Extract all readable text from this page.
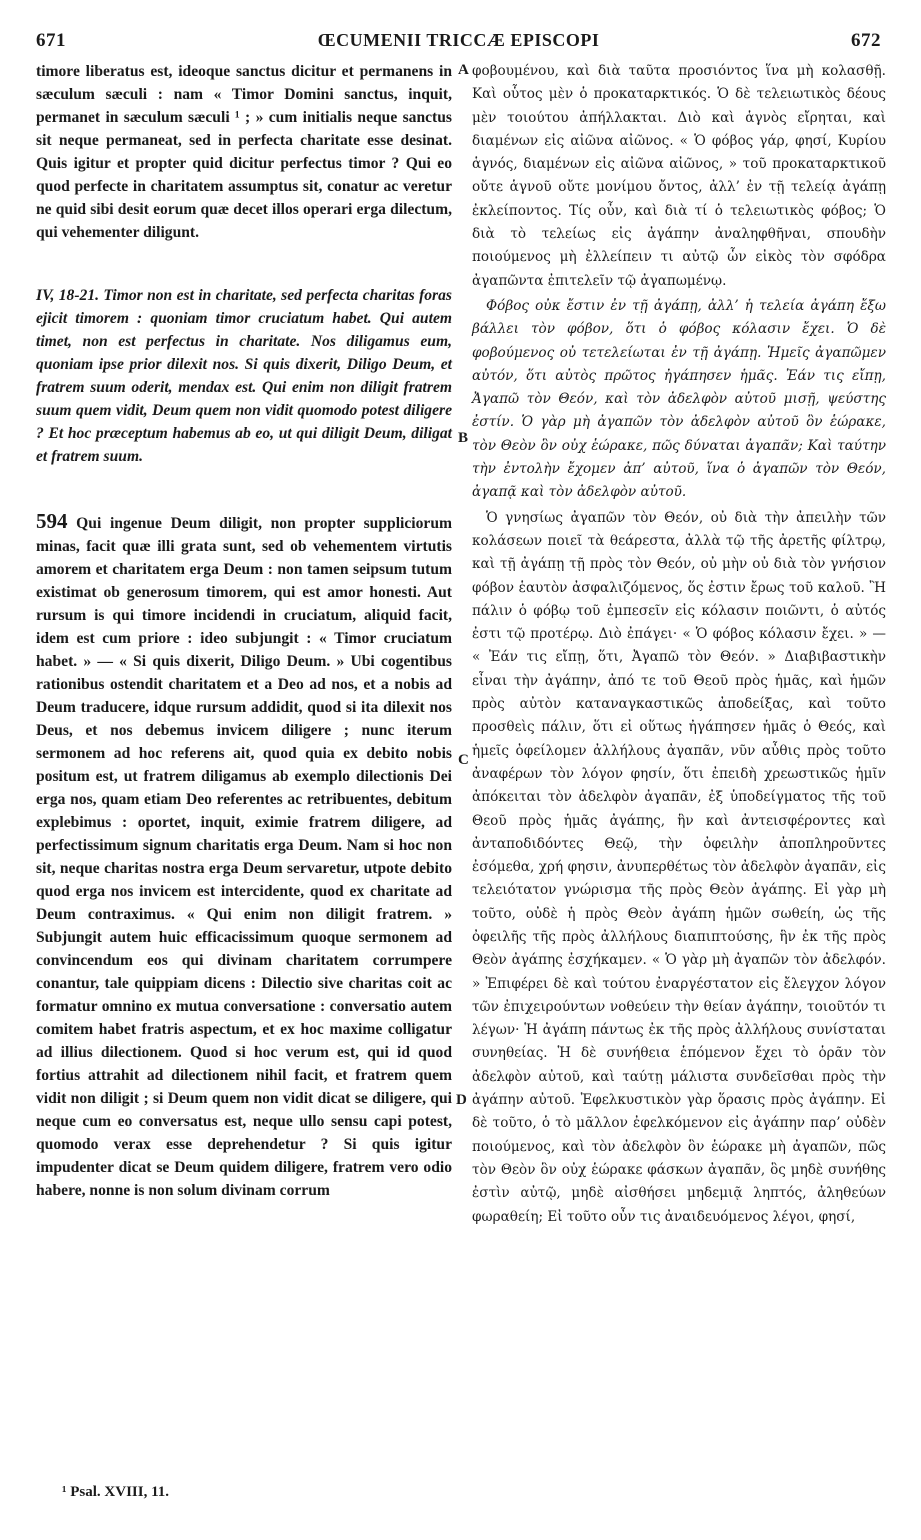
671	ŒCUMENII TRICCÆ EPISCOPI	672

timore liberatus est, ideoque sanctus dicitur et permanens in sæculum sæculi : nam « Timor Domini sanctus, inquit, permanet in sæculum sæculi ¹ ; » cum initialis neque sanctus sit neque permaneat, sed in perfecta charitate esse desinat. Quis igitur et propter quid dicitur perfectus timor ? Qui eo quod perfecte in charitatem assumptus sit, conatur ac veretur ne quid sibi desit eorum quæ decet illos operari erga dilectum, qui vehementer diligunt.

IV, 18-21. Timor non est in charitate, sed perfecta charitas foras ejicit timorem : quoniam timor cruciatum habet. Qui autem timet, non est perfectus in charitate. Nos diligamus eum, quoniam ipse prior dilexit nos. Si quis dixerit, Diligo Deum, et fratrem suum oderit, mendax est. Qui enim non diligit fratrem suum quem vidit, Deum quem non vidit quomodo potest diligere ? Et hoc præceptum habemus ab eo, ut qui diligit Deum, diligat et fratrem suum.

594 Qui ingenue Deum diligit, non propter suppliciorum minas, facit quæ illi grata sunt, sed ob vehementem virtutis amorem et charitatem erga Deum : non tamen seipsum tutum existimat ob generosum timorem, qui est amor honesti. Aut rursum is qui timore incidendi in cruciatum, aliquid facit, idem est cum priore : ideo subjungit : « Timor cruciatum habet. » — « Si quis dixerit, Diligo Deum. » Ubi cogentibus rationibus ostendit charitatem et a Deo ad nos, et a nobis ad Deum traducere, idque rursum addidit, quod si ita dilexit nos Deus, et nos debemus invicem diligere ; nunc iterum sermonem ad hoc referens ait, quod quia ex debito nobis positum est, ut fratrem diligamus ab exemplo dilectionis Dei erga nos, quam etiam Deo referentes ac retribuentes, debitum explebimus : oportet, inquit, eximie fratrem diligere, ad perfectissimum signum charitatis erga Deum. Nam si hoc non sit, neque charitas nostra erga Deum servaretur, utpote debito quod erga nos invicem est intercidente, quod ex charitate ad Deum contraximus. « Qui enim non diligit fratrem. » Subjungit autem huic efficacissimum quoque sermonem ad convincendum eos qui divinam charitatem corrumpere conantur, tale quippiam dicens : Dilectio sive charitas coit ac formatur omnino ex mutua conversatione : conversatio autem comitem habet fratris aspectum, et ex hoc maxime colligatur ad illius dilectionem. Quod si hoc verum est, qui id quod fortius attrahit ad dilectionem nihil facit, et fratrem quem vidit non diligit ; si Deum quem non vidit dicat se diligere, qui neque cum eo conversatus est, neque ullo sensu capi potest, quomodo verax esse deprehendetur ? Si quis igitur impudenter dicat se Deum quidem diligere, fratrem vero odio habere, nonne is non solum divinam corrum

A
B
C
D

φοβουμένου, καὶ διὰ ταῦτα προσιόντος ἵνα μὴ κολασθῇ. Καὶ οὗτος μὲν ὁ προκαταρκτικός. Ὁ δὲ τελειωτικὸς δέους μὲν τοιούτου ἀπήλλακται. Διὸ καὶ ἁγνὸς εἴρηται, καὶ διαμένων εἰς αἰῶνα αἰῶνος. « Ὁ φόβος γάρ, φησί, Κυρίου ἁγνός, διαμένων εἰς αἰῶνα αἰῶνος, » τοῦ προκαταρκτικοῦ οὔτε ἁγνοῦ οὔτε μονίμου ὄντος, ἀλλ’ ἐν τῇ τελείᾳ ἀγάπῃ ἐκλείποντος. Τίς οὖν, καὶ διὰ τί ὁ τελειωτικὸς φόβος; Ὁ διὰ τὸ τελείως εἰς ἀγάπην ἀναληφθῆναι, σπουδὴν ποιούμενος μὴ ἐλλείπειν τι αὐτῷ ὧν εἰκὸς τὸν σφόδρα ἀγαπῶντα ἐπιτελεῖν τῷ ἀγαπωμένῳ.

Φόβος οὐκ ἔστιν ἐν τῇ ἀγάπῃ, ἀλλ’ ἡ τελεία ἀγάπη ἔξω βάλλει τὸν φόβον, ὅτι ὁ φόβος κόλασιν ἔχει. Ὁ δὲ φοβούμενος οὐ τετελείωται ἐν τῇ ἀγάπῃ. Ἡμεῖς ἀγαπῶμεν αὐτόν, ὅτι αὐτὸς πρῶτος ἠγάπησεν ἡμᾶς. Ἐάν τις εἴπῃ, Ἀγαπῶ τὸν Θεόν, καὶ τὸν ἀδελφὸν αὐτοῦ μισῇ, ψεύστης ἐστίν. Ὁ γὰρ μὴ ἀγαπῶν τὸν ἀδελφὸν αὐτοῦ ὃν ἑώρακε, τὸν Θεὸν ὃν οὐχ ἑώρακε, πῶς δύναται ἀγαπᾶν; Καὶ ταύτην τὴν ἐντολὴν ἔχομεν ἀπ’ αὐτοῦ, ἵνα ὁ ἀγαπῶν τὸν Θεόν, ἀγαπᾷ καὶ τὸν ἀδελφὸν αὐτοῦ.

Ὁ γνησίως ἀγαπῶν τὸν Θεόν, οὐ διὰ τὴν ἀπειλὴν τῶν κολάσεων ποιεῖ τὰ θεάρεστα, ἀλλὰ τῷ τῆς ἀρετῆς φίλτρῳ, καὶ τῇ ἀγάπῃ τῇ πρὸς τὸν Θεόν, οὐ μὴν οὐ διὰ τὸν γνήσιον φόβον ἑαυτὸν ἀσφαλιζόμενος, ὅς ἐστιν ἔρως τοῦ καλοῦ. Ἢ πάλιν ὁ φόβῳ τοῦ ἐμπεσεῖν εἰς κόλασιν ποιῶντι, ὁ αὐτός ἐστι τῷ προτέρῳ. Διὸ ἐπάγει· « Ὁ φόβος κόλασιν ἔχει. » — « Ἐάν τις εἴπῃ, ὅτι, Ἀγαπῶ τὸν Θεόν. » Διαβιβαστικὴν εἶναι τὴν ἀγάπην, ἀπό τε τοῦ Θεοῦ πρὸς ἡμᾶς, καὶ ἡμῶν πρὸς αὐτὸν καταναγκαστικῶς ἀποδείξας, καὶ τοῦτο προσθεὶς πάλιν, ὅτι εἰ οὕτως ἠγάπησεν ἡμᾶς ὁ Θεός, καὶ ἡμεῖς ὀφείλομεν ἀλλήλους ἀγαπᾶν, νῦν αὖθις πρὸς τοῦτο ἀναφέρων τὸν λόγον φησίν, ὅτι ἐπειδὴ χρεωστικῶς ἡμῖν ἀπόκειται τὸν ἀδελφὸν ἀγαπᾶν, ἐξ ὑποδείγματος τῆς τοῦ Θεοῦ πρὸς ἡμᾶς ἀγάπης, ἣν καὶ ἀντεισφέροντες καὶ ἀνταποδιδόντες Θεῷ, τὴν ὀφειλὴν ἀποπληροῦντες ἐσόμεθα, χρή φησιν, ἀνυπερθέτως τὸν ἀδελφὸν ἀγαπᾶν, εἰς τελειότατον γνώρισμα τῆς πρὸς Θεὸν ἀγάπης. Εἰ γὰρ μὴ τοῦτο, οὐδὲ ἡ πρὸς Θεὸν ἀγάπη ἡμῶν σωθείη, ὡς τῆς ὀφειλῆς τῆς πρὸς ἀλλήλους διαπιπτούσης, ἣν ἐκ τῆς πρὸς Θεὸν ἀγάπης ἐσχήκαμεν. « Ὁ γὰρ μὴ ἀγαπῶν τὸν ἀδελφόν. » Ἐπιφέρει δὲ καὶ τούτου ἐναργέστατον εἰς ἔλεγχον λόγον τῶν ἐπιχειρούντων νοθεύειν τὴν θείαν ἀγάπην, τοιοῦτόν τι λέγων· Ἡ ἀγάπη πάντως ἐκ τῆς πρὸς ἀλλήλους συνίσταται συνηθείας. Ἡ δὲ συνήθεια ἑπόμενον ἔχει τὸ ὁρᾶν τὸν ἀδελφὸν αὐτοῦ, καὶ ταύτῃ μάλιστα συνδεῖσθαι πρὸς τὴν ἀγάπην αὐτοῦ. Ἐφελκυστικὸν γὰρ ὅρασις πρὸς ἀγάπην. Εἰ δὲ τοῦτο, ὁ τὸ μᾶλλον ἐφελκόμενον εἰς ἀγάπην παρ’ οὐδὲν ποιούμενος, καὶ τὸν ἀδελφὸν ὃν ἑώρακε μὴ ἀγαπῶν, πῶς τὸν Θεὸν ὃν οὐχ ἑώρακε φάσκων ἀγαπᾶν, ὃς μηδὲ συνήθης ἐστὶν αὐτῷ, μηδὲ αἰσθήσει μηδεμιᾷ ληπτός, ἀληθεύων φωραθείη; Εἰ τοῦτο οὖν τις ἀναιδευόμενος λέγοι, φησί,

¹ Psal. XVIII, 11.
